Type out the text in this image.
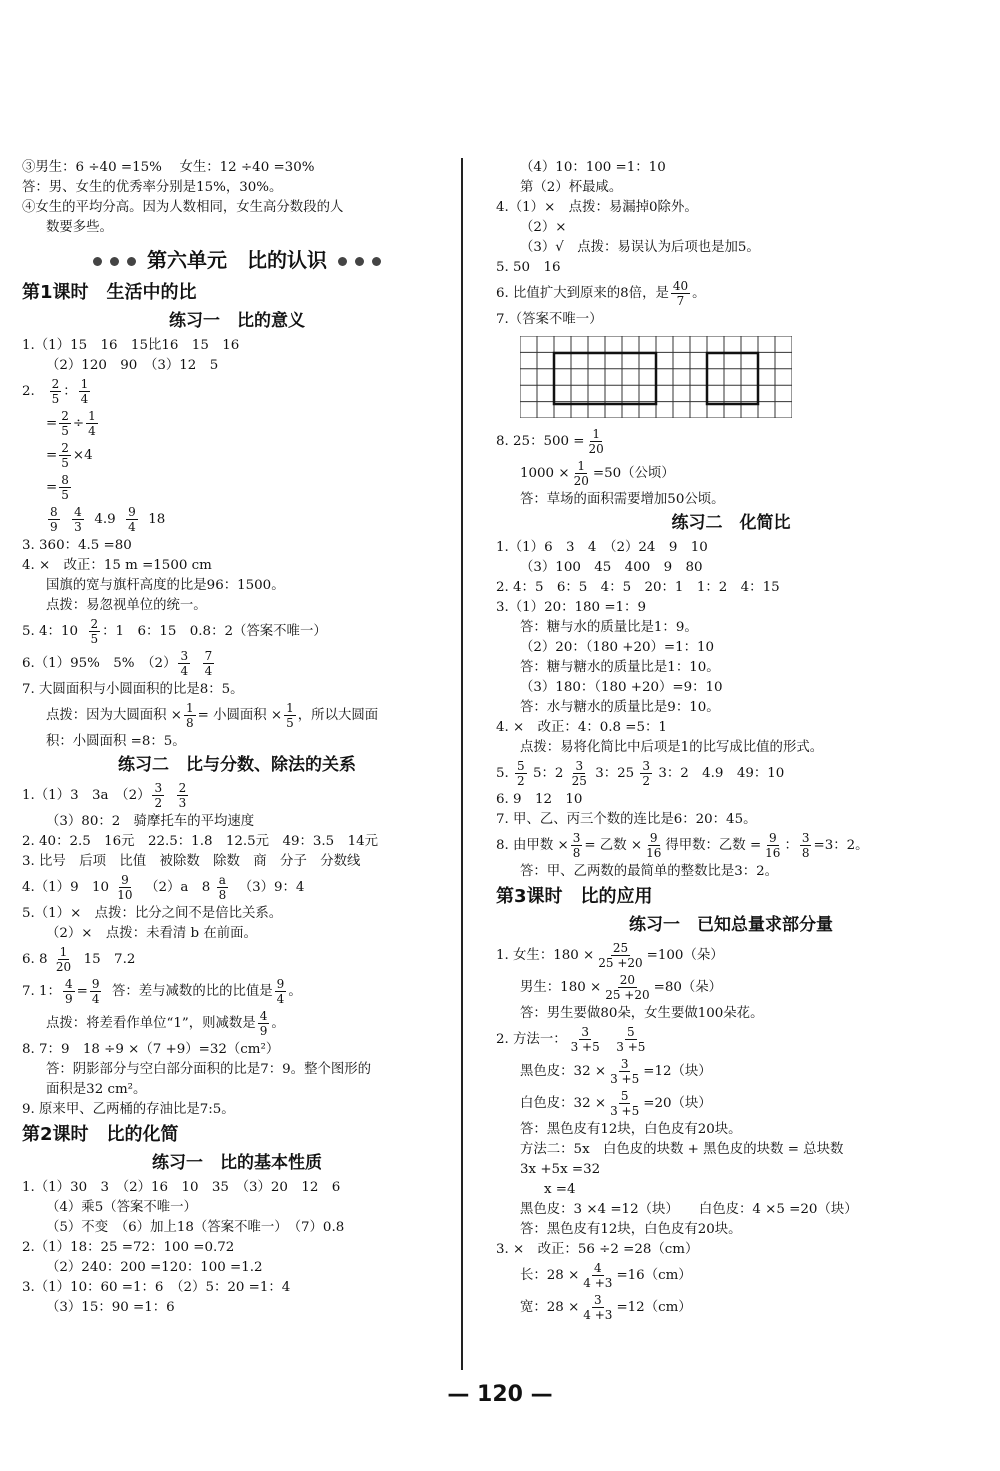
③男生：6 ÷40 =15%　 女生：12 ÷40 =30%
答：男、女生的优秀率分别是15%，30%。
④女生的平均分高。因为人数相同，女生高分数段的人
数要多些。
第六单元　比的认识
第1课时　生活中的比
练习一　比的意义
1.（1）15　16　15比16　15　16
（2）120　90　（3）12　5
2. $\frac{2}{5}$ ： $\frac{1}{4}$
= $\frac{2}{5} \div \frac{1}{4}$
= $\frac{2}{5} \times 4$
= $\frac{8}{5}$
$\frac{8}{9}$
$\frac{4}{3} 4.9 \frac{9}{4} 18$
3. 360：4.5 =80
4. ×　改正：15 m =1500 cm
国旗的宽与旗杆高度的比是96：1500。
点拨：易忽视单位的统一。
5. 4：$10 \frac{2}{5}$ ：1　6：15　0.8：2（答案不唯一）
6.（1）95%　5%　$(2) \frac{3}{4}$
$\frac{7}{4}$
7. 大圆面积与小圆面积的比是8：5。
点拨：因为大圆面积 × $\frac{1}{8}$ = 小圆面积 × $\frac{1}{5}$ ，所以大圆面
积：小圆面积 =8：5。
练习二　比与分数、除法的关系
1.（1）3　3a　$(2) \frac{3}{2}$
$\frac{2}{3}$
（3）80：2　骑摩托车的平均速度
2. 40：2.5　16元　22.5：1.8　12.5元　49：3.5　14元
3. 比号　后项　比值　被除数　除数　商　分子　分数线
4.（1）9　$10 \frac{9}{10} (2)a$　$8 \frac{a}{8} (3)9$：4
5.（1）×　点拨：比分之间不是倍比关系。
（2）×　点拨：未看清 b 在前面。
6. $8 \frac{1}{20} 15$　7.2
7. 1： $\frac{4}{9} = \frac{9}{4}$ 答：差与减数的比的比值是 $\frac{9}{4}$ 。
点拨：将差看作单位“1”，则减数是 $\frac{4}{9}$ 。
8. 7：9　18 ÷9 ×（7 +9）=32（cm²）
答：阴影部分与空白部分面积的比是7：9。整个图形的
面积是32 cm²。
9. 原来甲、乙两桶的存油比是7:5。
第2课时　比的化简
练习一　比的基本性质
1.（1）30　3　（2）16　10　35　（3）20　12　6
（4）乘5（答案不唯一）
（5）不变　（6）加上18（答案不唯一）　（7）0.8
2.（1）18：25 =72：100 =0.72
（2）240：200 =120：100 =1.2
3.（1）10：60 =1：6　（2）5：20 =1：4
（3）15：90 =1：6
（4）10：100 =1：10
第（2）杯最咸。
4.（1）×　点拨：易漏掉0除外。
（2）×
（3）√　点拨：易误认为后项也是加5。
5. 50　16
6. 比值扩大到原来的8倍，是 $\frac{40}{7}$ 。
7.（答案不唯一）
8. 25：$500 = \frac{1}{20}$
$1000 \times \frac{1}{20} =50$（公顷）
答：草场的面积需要增加50公顷。
练习二　化简比
1.（1）6　3　4　（2）24　9　10
（3）100　45　400　9　80
2. 4：5　6：5　4：5　20：1　1：2　4：15
3.（1）20：180 =1：9
答：糖与水的质量比是1：9。
（2）20：（180 +20）=1：10
答：糖与糖水的质量比是1：10。
（3）180：（180 +20）=9：10
答：水与糖水的质量比是9：10。
4. ×　改正：4：0.8 =5：1
点拨：易将化简比中后项是1的比写成比值的形式。
5. $\frac{5}{2} 5$：$2 \frac{3}{25} 3$：$25 \frac{3}{2} 3$：2　4.9　49：10
6. 9　12　10
7. 甲、乙、丙三个数的连比是6：20：45。
8. 由甲数 × $\frac{3}{8}$ = 乙数 × $\frac{9}{16}$ 得甲数：乙数 = $\frac{9}{16}$ ： $\frac{3}{8} =3$：2。
答：甲、乙两数的最简单的整数比是3：2。
第3课时　比的应用
练习一　已知总量求部分量
1. 女生：$180 \times \frac{25}{25 +20} =100$（朵）
男生：$180 \times \frac{20}{25 +20} =80$（朵）
答：男生要做80朵，女生要做100朵花。
2. 方法一： $\frac{3}{3 +5}$
$\frac{5}{3 +5}$
黑色皮：$32 \times \frac{3}{3 +5} =12$（块）
白色皮：$32 \times \frac{5}{3 +5} =20$（块）
答：黑色皮有12块，白色皮有20块。
方法二：5x　白色皮的块数 + 黑色皮的块数 = 总块数
3x +5x =32
x =4
黑色皮：3 ×4 =12（块）　　白色皮：4 ×5 =20（块）
答：黑色皮有12块，白色皮有20块。
3. ×　改正：56 ÷2 =28（cm）
长：$28 \times \frac{4}{4 +3} =16(cm)$
宽：$28 \times \frac{3}{4 +3} =12(cm)$
— 120 —
